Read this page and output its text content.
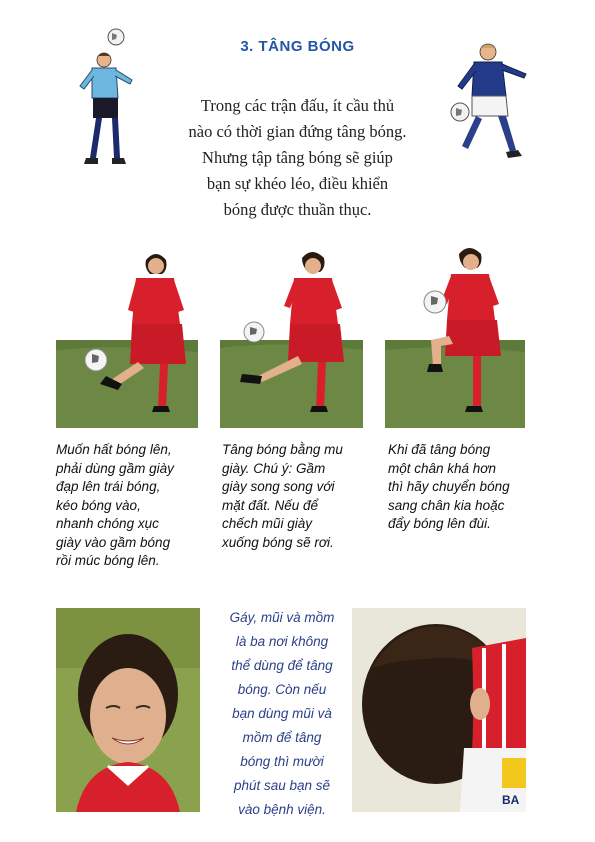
3. TÂNG BÓNG
Trong các trận đấu, ít cầu thủ
nào có thời gian đứng tâng bóng.
Nhưng tập tâng bóng sẽ giúp
bạn sự khéo léo, điều khiển
bóng được thuần thục.
Muốn hất bóng lên,
phải dùng gầm giày
đạp lên trái bóng,
kéo bóng vào,
nhanh chóng xục
giày vào gầm bóng
rồi múc bóng lên.
Tâng bóng bằng mu
giày. Chú ý: Gầm
giày song song với
mặt đất. Nếu để
chếch mũi giày
xuống bóng sẽ rơi.
Khi đã tâng bóng
một chân khá hơn
thì hãy chuyển bóng
sang chân kia hoặc
đẩy bóng lên đùi.
Gáy, mũi và mồm
là ba nơi không
thể dùng để tâng
bóng. Còn nếu
bạn dùng mũi và
mồm để tâng
bóng thì mười
phút sau bạn sẽ
vào bệnh viện.
BA
